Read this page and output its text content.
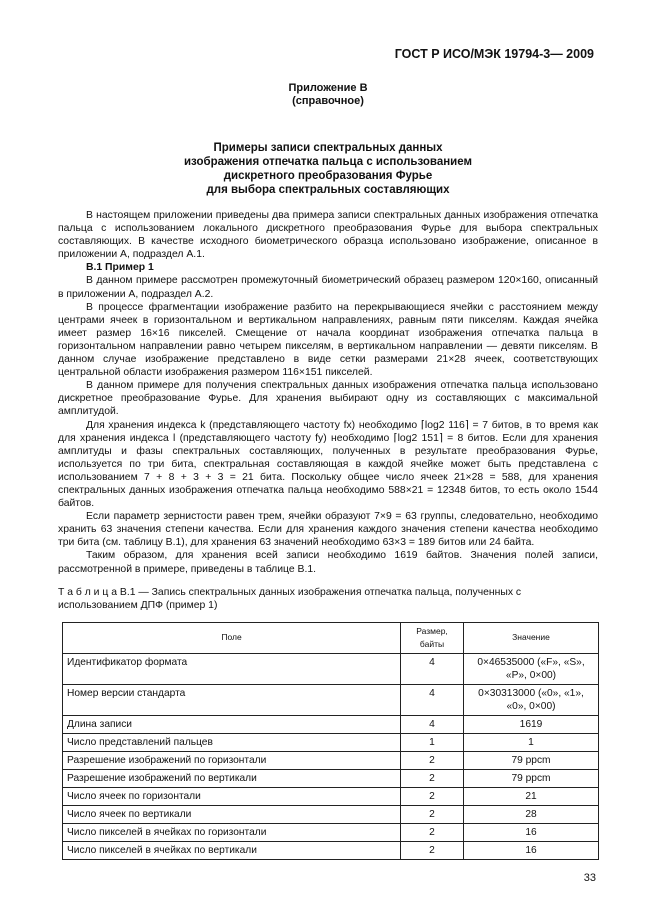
ГОСТ Р ИСО/МЭК 19794-3— 2009
Приложение В
(справочное)
Примеры записи спектральных данных
изображения отпечатка пальца с использованием
дискретного преобразования Фурье
для выбора спектральных составляющих

В настоящем приложении приведены два примера записи спектральных данных изображения отпечатка пальца с использованием локального дискретного преобразования Фурье для выбора спектральных составляющих. В качестве исходного биометрического образца использовано изображение, описанное в приложении А, подраздел А.1.

В.1 Пример 1

В данном примере рассмотрен промежуточный биометрический образец размером 120×160, описанный в приложении А, подраздел А.2.

В процессе фрагментации изображение разбито на перекрывающиеся ячейки с расстоянием между центрами ячеек в горизонтальном и вертикальном направлениях, равным пяти пикселям. Каждая ячейка имеет размер 16×16 пикселей. Смещение от начала координат изображения отпечатка пальца в горизонтальном направлении равно четырем пикселям, в вертикальном направлении — девяти пикселям. В данном случае изображение представлено в виде сетки размерами 21×28 ячеек, соответствующих центральной области изображения размером 116×151 пикселей.

В данном примере для получения спектральных данных изображения отпечатка пальца использовано дискретное преобразование Фурье. Для хранения выбирают одну из составляющих с максимальной амплитудой.

Для хранения индекса k (представляющего частоту fx) необходимо ⌈log2 116⌉ = 7 битов, в то время как для хранения индекса l (представляющего частоту fy) необходимо ⌈log2 151⌉ = 8 битов. Если для хранения амплитуды и фазы спектральных составляющих, полученных в результате преобразования Фурье, используется по три бита, спектральная составляющая в каждой ячейке может быть представлена с использованием 7 + 8 + 3 + 3 = 21 бита. Поскольку общее число ячеек 21×28 = 588, для хранения спектральных данных изображения отпечатка пальца необходимо 588×21 = 12348 битов, то есть около 1544 байтов.

Если параметр зернистости равен трем, ячейки образуют 7×9 = 63 группы, следовательно, необходимо хранить 63 значения степени качества. Если для хранения каждого значения степени качества необходимо три бита (см. таблицу В.1), для хранения 63 значений необходимо 63×3 = 189 битов или 24 байта.

Таким образом, для хранения всей записи необходимо 1619 байтов. Значения полей записи, рассмотренной в примере, приведены в таблице В.1.

Т а б л и ц а В.1 — Запись спектральных данных изображения отпечатка пальца, полученных с использованием ДПФ (пример 1)
Поле	Размер, байты	Значение
Идентификатор формата	4	0×46535000 («F», «S», «P», 0×00)
Номер версии стандарта	4	0×30313000 («0», «1», «0», 0×00)
Длина записи	4	1619
Число представлений пальцев	1	1
Разрешение изображений по горизонтали	2	79 ppcm
Разрешение изображений по вертикали	2	79 ppcm
Число ячеек по горизонтали	2	21
Число ячеек по вертикали	2	28
Число пикселей в ячейках по горизонтали	2	16
Число пикселей в ячейках по вертикали	2	16
33
